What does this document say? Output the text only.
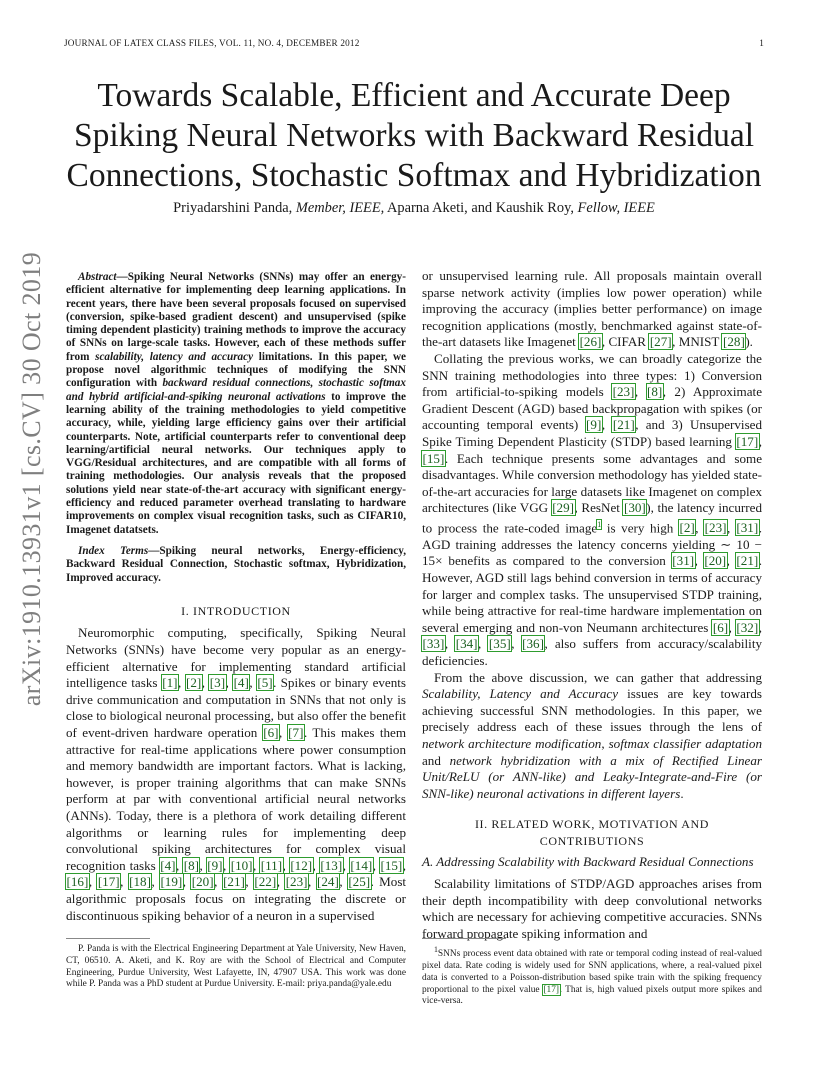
JOURNAL OF LATEX CLASS FILES, VOL. 11, NO. 4, DECEMBER 2012	1
arXiv:1910.13931v1 [cs.CV] 30 Oct 2019
Towards Scalable, Efficient and Accurate Deep Spiking Neural Networks with Backward Residual Connections, Stochastic Softmax and Hybridization
Priyadarshini Panda, Member, IEEE, Aparna Aketi, and Kaushik Roy, Fellow, IEEE

Abstract—Spiking Neural Networks (SNNs) may offer an energy-efficient alternative for implementing deep learning applications. In recent years, there have been several proposals focused on supervised (conversion, spike-based gradient descent) and unsupervised (spike timing dependent plasticity) training methods to improve the accuracy of SNNs on large-scale tasks. However, each of these methods suffer from scalability, latency and accuracy limitations. In this paper, we propose novel algorithmic techniques of modifying the SNN configuration with backward residual connections, stochastic softmax and hybrid artificial-and-spiking neuronal activations to improve the learning ability of the training methodologies to yield competitive accuracy, while, yielding large efficiency gains over their artificial counterparts. Note, artificial counterparts refer to conventional deep learning/artificial neural networks. Our techniques apply to VGG/Residual architectures, and are compatible with all forms of training methodologies. Our analysis reveals that the proposed solutions yield near state-of-the-art accuracy with significant energy-efficiency and reduced parameter overhead translating to hardware improvements on complex visual recognition tasks, such as CIFAR10, Imagenet datatsets.

Index Terms—Spiking neural networks, Energy-efficiency, Backward Residual Connection, Stochastic softmax, Hybridization, Improved accuracy.

I. INTRODUCTION

Neuromorphic computing, specifically, Spiking Neural Networks (SNNs) have become very popular as an energy-efficient alternative for implementing standard artificial intelligence tasks [1], [2], [3], [4], [5]. Spikes or binary events drive communication and computation in SNNs that not only is close to biological neuronal processing, but also offer the benefit of event-driven hardware operation [6], [7]. This makes them attractive for real-time applications where power consumption and memory bandwidth are important factors. What is lacking, however, is proper training algorithms that can make SNNs perform at par with conventional artificial neural networks (ANNs). Today, there is a plethora of work detailing different algorithms or learning rules for implementing deep convolutional spiking architectures for complex visual recognition tasks [4], [8], [9], [10], [11], [12], [13], [14], [15], [16], [17], [18], [19], [20], [21], [22], [23], [24], [25]. Most algorithmic proposals focus on integrating the discrete or discontinuous spiking behavior of a neuron in a supervised

or unsupervised learning rule. All proposals maintain overall sparse network activity (implies low power operation) while improving the accuracy (implies better performance) on image recognition applications (mostly, benchmarked against state-of-the-art datasets like Imagenet [26], CIFAR [27], MNIST [28]).

Collating the previous works, we can broadly categorize the SNN training methodologies into three types: 1) Conversion from artificial-to-spiking models [23], [8], 2) Approximate Gradient Descent (AGD) based backpropagation with spikes (or accounting temporal events) [9], [21], and 3) Unsupervised Spike Timing Dependent Plasticity (STDP) based learning [17], [15]. Each technique presents some advantages and some disadvantages. While conversion methodology has yielded state-of-the-art accuracies for large datasets like Imagenet on complex architectures (like VGG [29], ResNet [30]), the latency incurred to process the rate-coded image$^1$ is very high [2], [23], [31]. AGD training addresses the latency concerns yielding ∼ 10 − 15× benefits as compared to the conversion [31], [20], [21]. However, AGD still lags behind conversion in terms of accuracy for larger and complex tasks. The unsupervised STDP training, while being attractive for real-time hardware implementation on several emerging and non-von Neumann architectures [6], [32], [33], [34], [35], [36], also suffers from accuracy/scalability deficiencies.

From the above discussion, we can gather that addressing Scalability, Latency and Accuracy issues are key towards achieving successful SNN methodologies. In this paper, we precisely address each of these issues through the lens of network architecture modification, softmax classifier adaptation and network hybridization with a mix of Rectified Linear Unit/ReLU (or ANN-like) and Leaky-Integrate-and-Fire (or SNN-like) neuronal activations in different layers.

II. RELATED WORK, MOTIVATION AND CONTRIBUTIONS
A. Addressing Scalability with Backward Residual Connections

Scalability limitations of STDP/AGD approaches arises from their depth incompatibility with deep convolutional networks which are necessary for achieving competitive accuracies. SNNs forward propagate spiking information and

P. Panda is with the Electrical Engineering Department at Yale University, New Haven, CT, 06510. A. Aketi, and K. Roy are with the School of Electrical and Computer Engineering, Purdue University, West Lafayette, IN, 47907 USA. This work was done while P. Panda was a PhD student at Purdue University. E-mail: priya.panda@yale.edu
$^1$SNNs process event data obtained with rate or temporal coding instead of real-valued pixel data. Rate coding is widely used for SNN applications, where, a real-valued pixel data is converted to a Poisson-distribution based spike train with the spiking frequency proportional to the pixel value [17]. That is, high valued pixels output more spikes and vice-versa.
